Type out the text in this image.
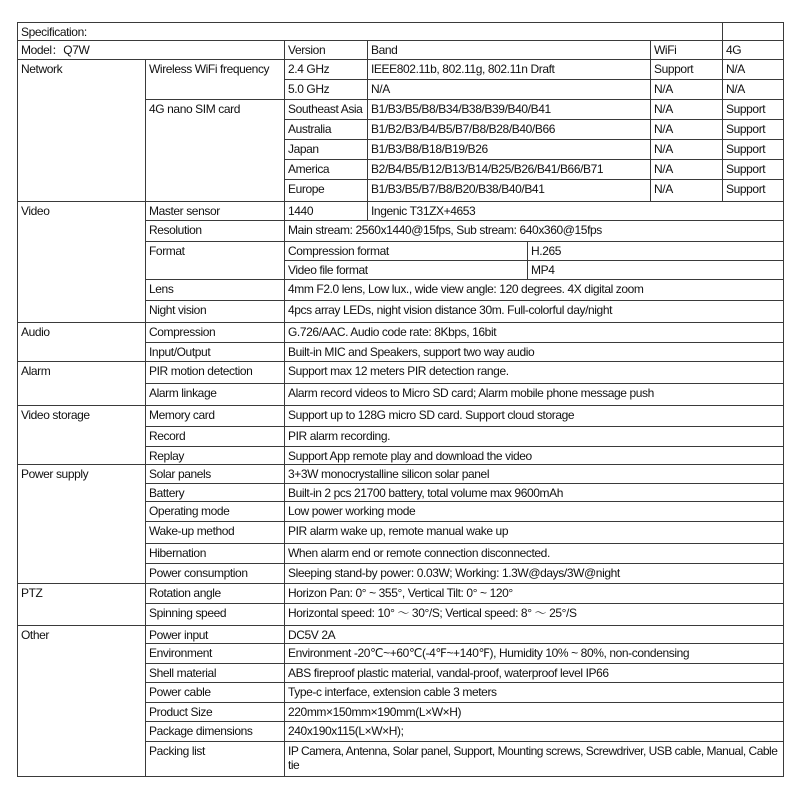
Specification:						
Model：Q7W		Version	Band		WiFi	4G
Network	Wireless WiFi frequency	2.4 GHz	IEEE802.11b, 802.11g, 802.11n Draft		Support	N/A
		5.0 GHz	N/A		N/A	N/A
	4G nano SIM card	Southeast Asia	B1/B3/B5/B8/B34/B38/B39/B40/B41		N/A	Support
		Australia	B1/B2/B3/B4/B5/B7/B8/B28/B40/B66		N/A	Support
		Japan	B1/B3/B8/B18/B19/B26		N/A	Support
		America	B2/B4/B5/B12/B13/B14/B25/B26/B41/B66/B71		N/A	Support
		Europe	B1/B3/B5/B7/B8/B20/B38/B40/B41		N/A	Support
Video	Master sensor	1440	Ingenic T31ZX+4653			
	Resolution	Main stream: 2560x1440@15fps, Sub stream: 640x360@15fps				
	Format	Compression format		H.265		
		Video file format		MP4		
	Lens	4mm F2.0 lens, Low lux., wide view angle: 120 degrees. 4X digital zoom				
	Night vision	4pcs array LEDs, night vision distance 30m. Full-colorful day/night				
Audio	Compression	G.726/AAC. Audio code rate: 8Kbps, 16bit				
	Input/Output	Built-in MIC and Speakers, support two way audio				
Alarm	PIR motion detection	Support max 12 meters PIR detection range.				
	Alarm linkage	Alarm record videos to Micro SD card; Alarm mobile phone message push				
Video storage	Memory card	Support up to 128G micro SD card. Support cloud storage				
	Record	PIR alarm recording.				
	Replay	Support App remote play and download the video				
Power supply	Solar panels	3+3W monocrystalline silicon solar panel				
	Battery	Built-in 2 pcs 21700 battery, total volume max 9600mAh				
	Operating mode	Low power working mode				
	Wake-up method	PIR alarm wake up, remote manual wake up				
	Hibernation	When alarm end or remote connection disconnected.				
	Power consumption	Sleeping stand-by power: 0.03W; Working: 1.3W@days/3W@night				
PTZ	Rotation angle	Horizon Pan: 0° ~ 355°, Vertical Tilt: 0° ~ 120°				
	Spinning speed	Horizontal speed: 10° ～ 30°/S; Vertical speed: 8° ～ 25°/S				
Other	Power input	DC5V 2A				
	Environment	Environment -20℃~+60℃(-4℉~+140℉), Humidity 10% ~ 80%, non-condensing				
	Shell material	ABS fireproof plastic material, vandal-proof, waterproof level IP66				
	Power cable	Type-c interface, extension cable 3 meters				
	Product Size	220mm×150mm×190mm(L×W×H)				
	Package dimensions	240x190x115(L×W×H);				
	Packing list	IP Camera, Antenna, Solar panel, Support, Mounting screws, Screwdriver, USB cable, Manual, Cable tie				
